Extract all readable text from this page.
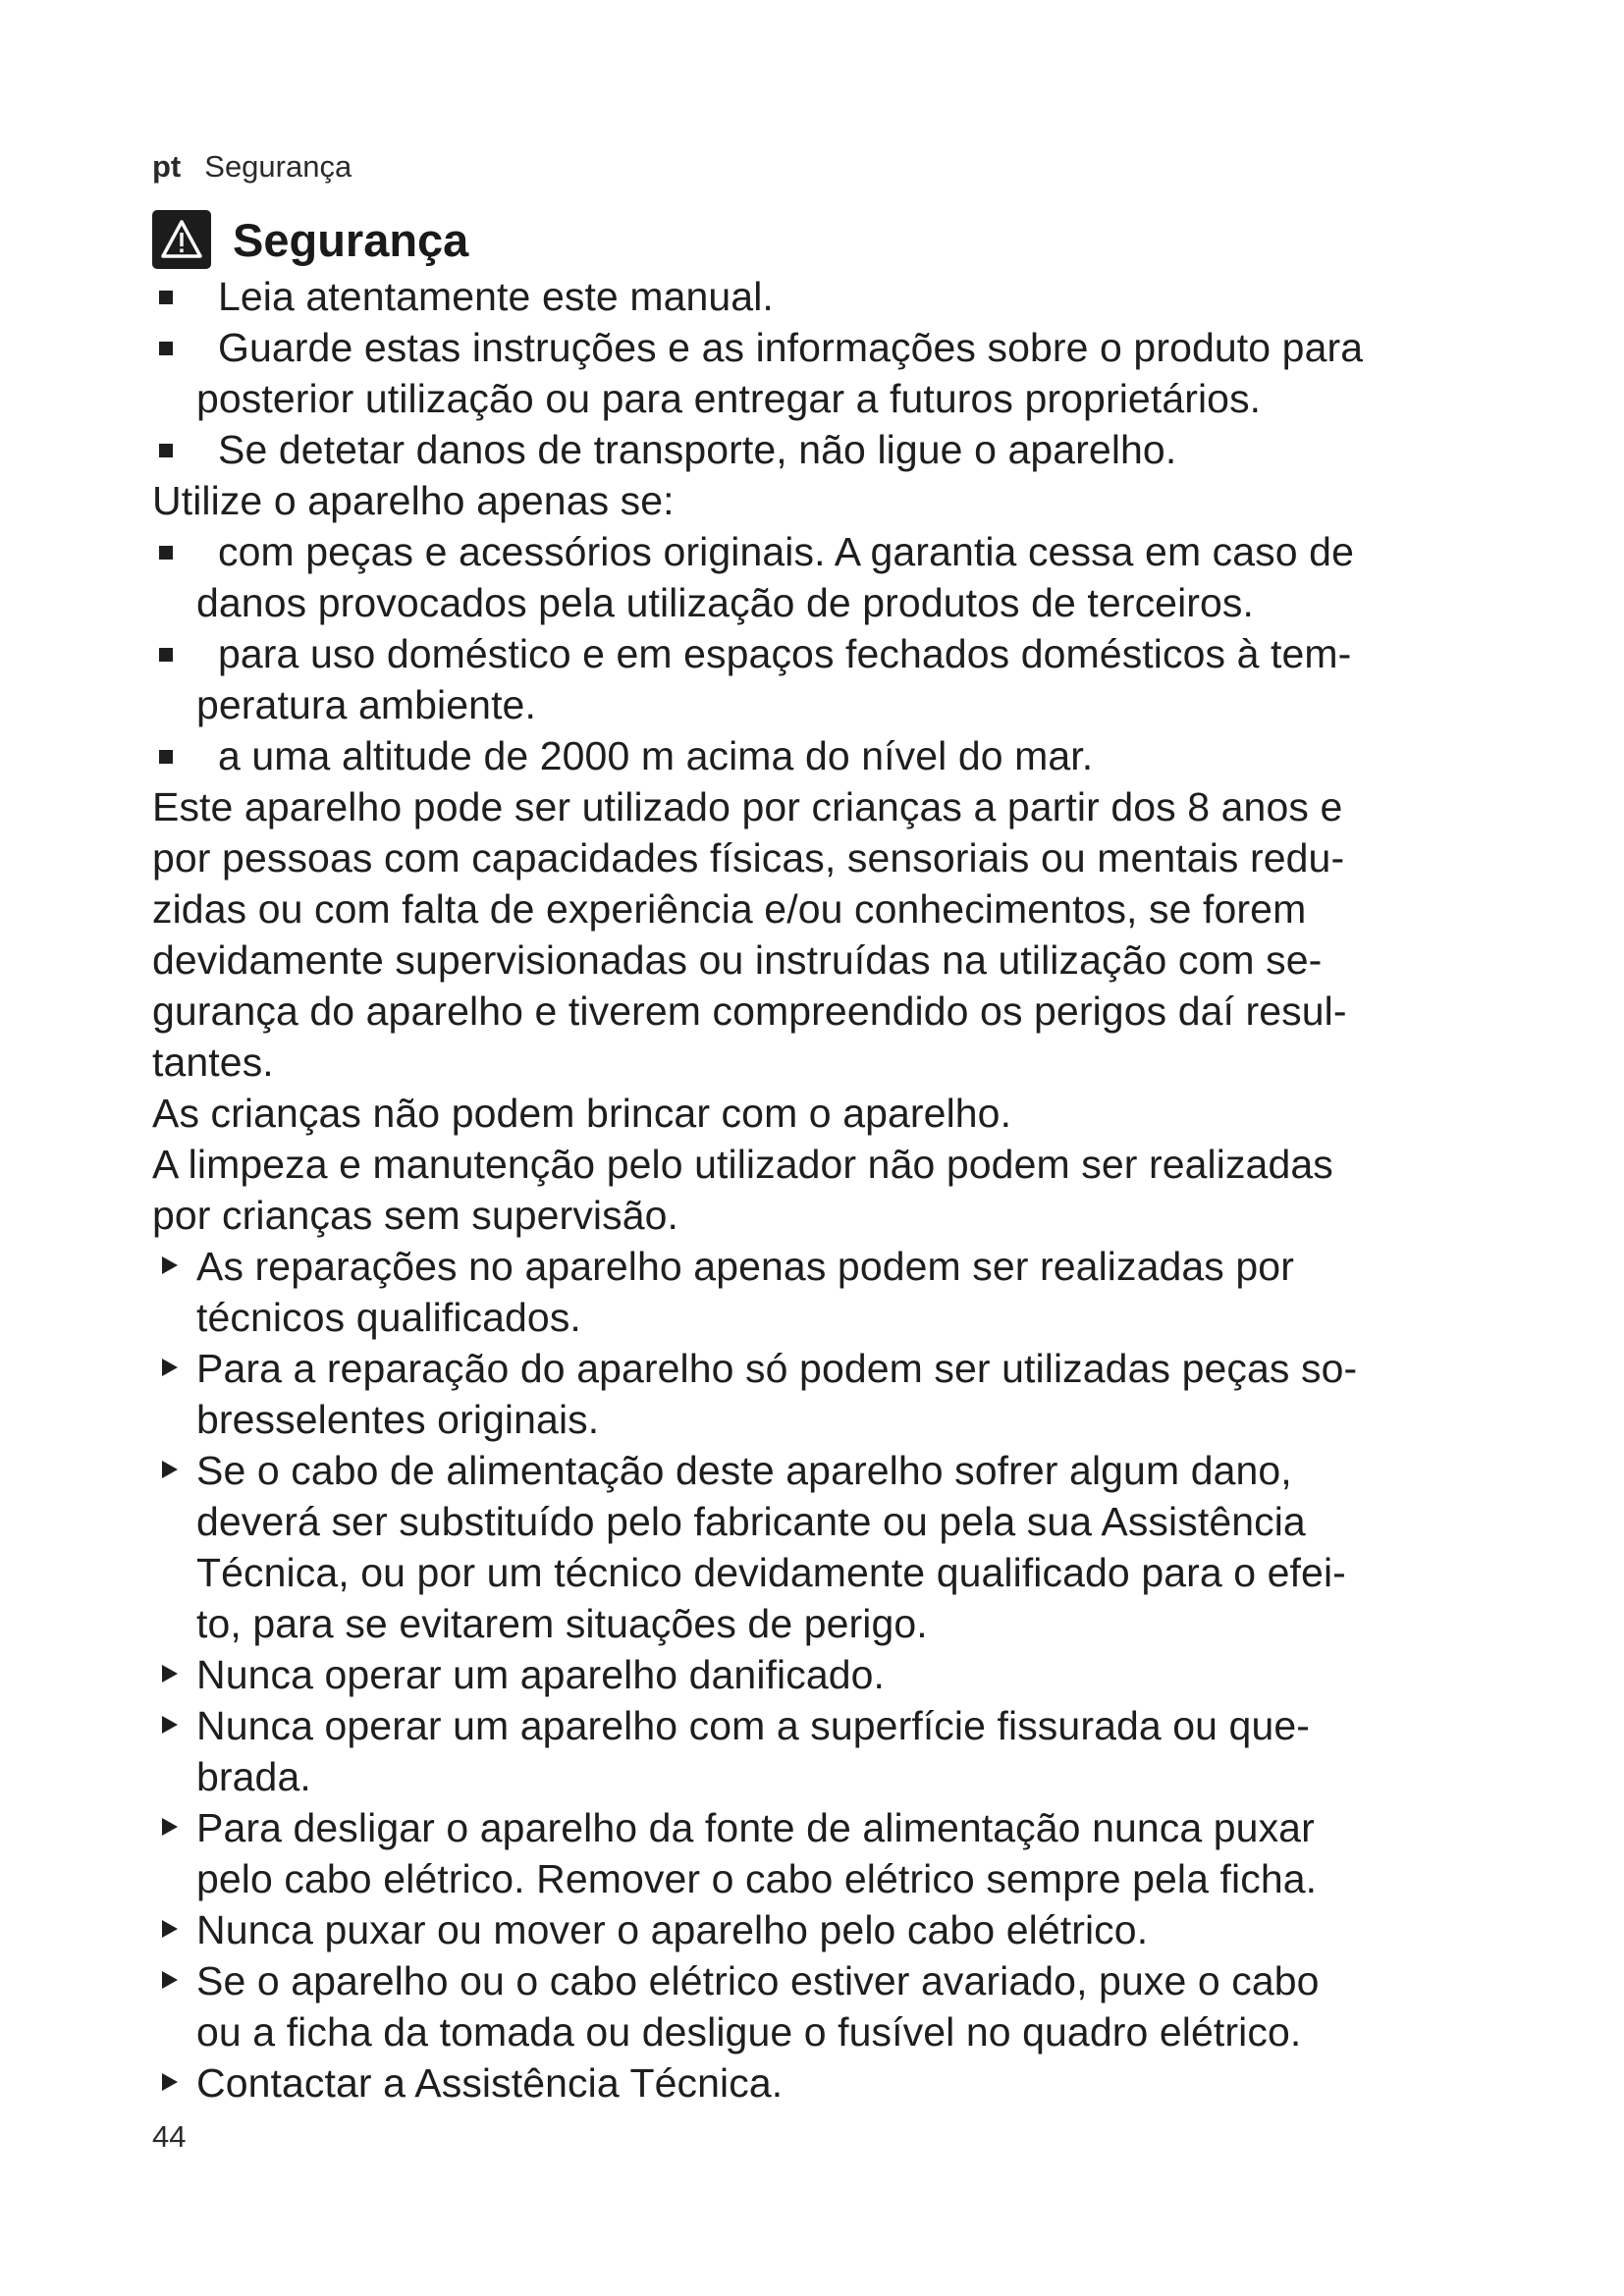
pt Segurança
Segurança
Leia atentamente este manual.
Guarde estas instruções e as informações sobre o produto para
posterior utilização ou para entregar a futuros proprietários.
Se detetar danos de transporte, não ligue o aparelho.
Utilize o aparelho apenas se:
com peças e acessórios originais. A garantia cessa em caso de
danos provocados pela utilização de produtos de terceiros.
para uso doméstico e em espaços fechados domésticos à tem-
peratura ambiente.
a uma altitude de 2000 m acima do nível do mar.
Este aparelho pode ser utilizado por crianças a partir dos 8 anos e
por pessoas com capacidades físicas, sensoriais ou mentais redu-
zidas ou com falta de experiência e/ou conhecimentos, se forem
devidamente supervisionadas ou instruídas na utilização com se-
gurança do aparelho e tiverem compreendido os perigos daí resul-
tantes.
As crianças não podem brincar com o aparelho.
A limpeza e manutenção pelo utilizador não podem ser realizadas
por crianças sem supervisão.
As reparações no aparelho apenas podem ser realizadas por
técnicos qualificados.
Para a reparação do aparelho só podem ser utilizadas peças so-
bresselentes originais.
Se o cabo de alimentação deste aparelho sofrer algum dano,
deverá ser substituído pelo fabricante ou pela sua Assistência
Técnica, ou por um técnico devidamente qualificado para o efei-
to, para se evitarem situações de perigo.
Nunca operar um aparelho danificado.
Nunca operar um aparelho com a superfície fissurada ou que-
brada.
Para desligar o aparelho da fonte de alimentação nunca puxar
pelo cabo elétrico. Remover o cabo elétrico sempre pela ficha.
Nunca puxar ou mover o aparelho pelo cabo elétrico.
Se o aparelho ou o cabo elétrico estiver avariado, puxe o cabo
ou a ficha da tomada ou desligue o fusível no quadro elétrico.
Contactar a Assistência Técnica.
44
